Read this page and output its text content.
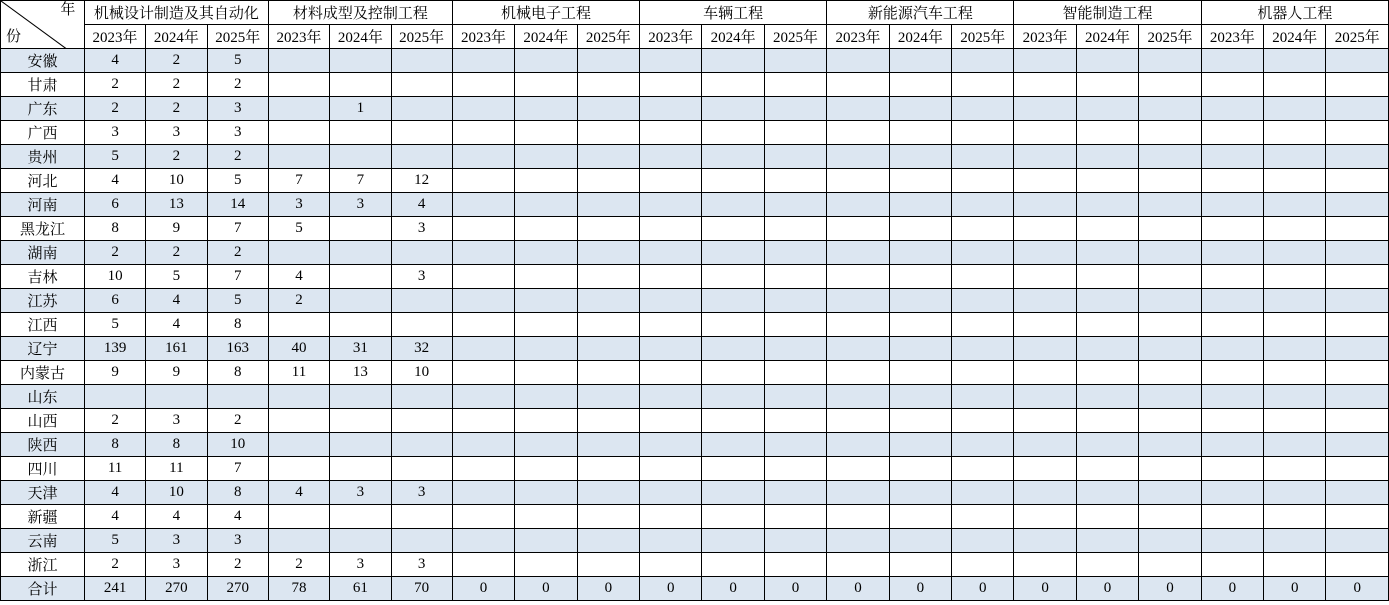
年
份	机械设计制造及其自动化			材料成型及控制工程			机械电子工程			车辆工程			新能源汽车工程			智能制造工程			机器人工程		
	2023年	2024年	2025年	2023年	2024年	2025年	2023年	2024年	2025年	2023年	2024年	2025年	2023年	2024年	2025年	2023年	2024年	2025年	2023年	2024年	2025年
安徽	4	2	5																		
甘肃	2	2	2																		
广东	2	2	3		1																
广西	3	3	3																		
贵州	5	2	2																		
河北	4	10	5	7	7	12															
河南	6	13	14	3	3	4															
黑龙江	8	9	7	5		3															
湖南	2	2	2																		
吉林	10	5	7	4		3															
江苏	6	4	5	2																	
江西	5	4	8																		
辽宁	139	161	163	40	31	32															
内蒙古	9	9	8	11	13	10															
山东																					
山西	2	3	2																		
陕西	8	8	10																		
四川	11	11	7																		
天津	4	10	8	4	3	3															
新疆	4	4	4																		
云南	5	3	3																		
浙江	2	3	2	2	3	3															
合计	241	270	270	78	61	70	0	0	0	0	0	0	0	0	0	0	0	0	0	0	0
